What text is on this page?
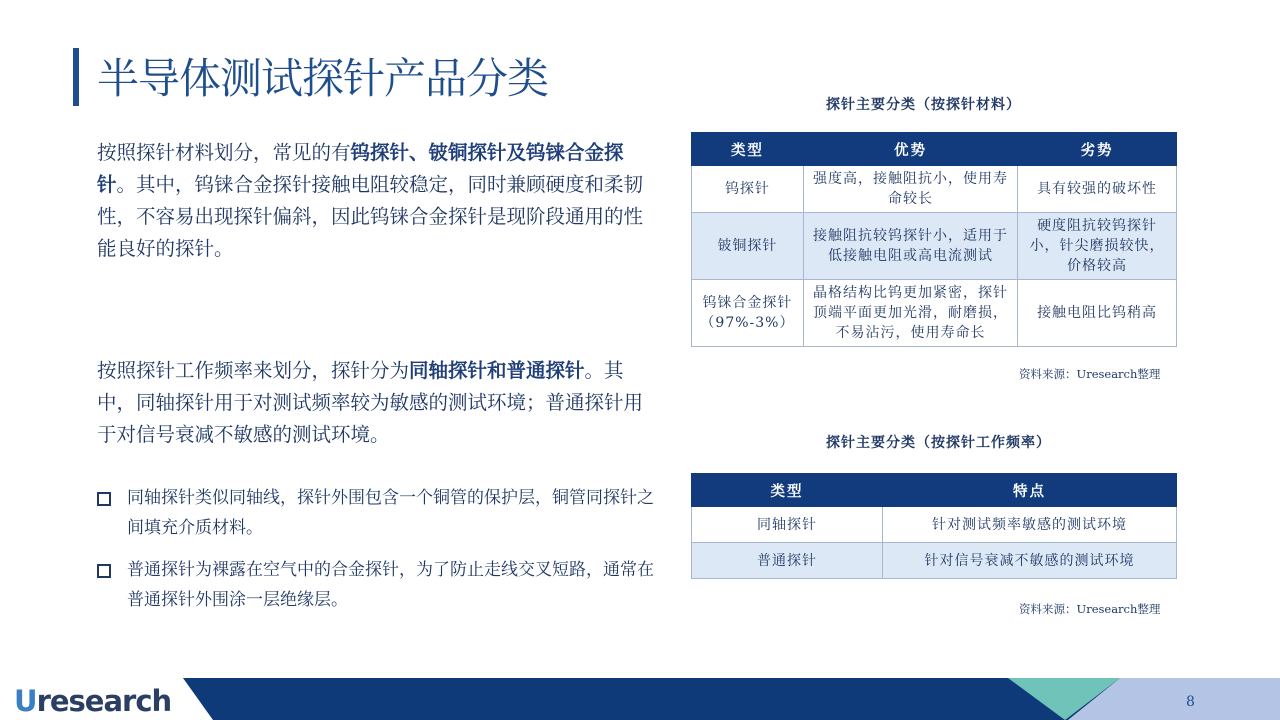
半导体测试探针产品分类
按照探针材料划分，常见的有钨探针、铍铜探针及钨铼合金探针。其中，钨铼合金探针接触电阻较稳定，同时兼顾硬度和柔韧性，不容易出现探针偏斜，因此钨铼合金探针是现阶段通用的性能良好的探针。
按照探针工作频率来划分，探针分为同轴探针和普通探针。其中，同轴探针用于对测试频率较为敏感的测试环境；普通探针用于对信号衰减不敏感的测试环境。
同轴探针类似同轴线，探针外围包含一个铜管的保护层，铜管同探针之间填充介质材料。
普通探针为裸露在空气中的合金探针，为了防止走线交叉短路，通常在普通探针外围涂一层绝缘层。
探针主要分类（按探针材料）
类型	优势	劣势
钨探针	强度高，接触阻抗小，使用寿命较长	具有较强的破坏性
铍铜探针	接触阻抗较钨探针小，适用于低接触电阻或高电流测试	硬度阻抗较钨探针小，针尖磨损较快，价格较高
钨铼合金探针（97%-3%）	晶格结构比钨更加紧密，探针顶端平面更加光滑，耐磨损，不易沾污，使用寿命长	接触电阻比钨稍高
资料来源：Uresearch整理
探针主要分类（按探针工作频率）
类型	特点
同轴探针	针对测试频率敏感的测试环境
普通探针	针对信号衰减不敏感的测试环境
资料来源：Uresearch整理
Uresearch	8
